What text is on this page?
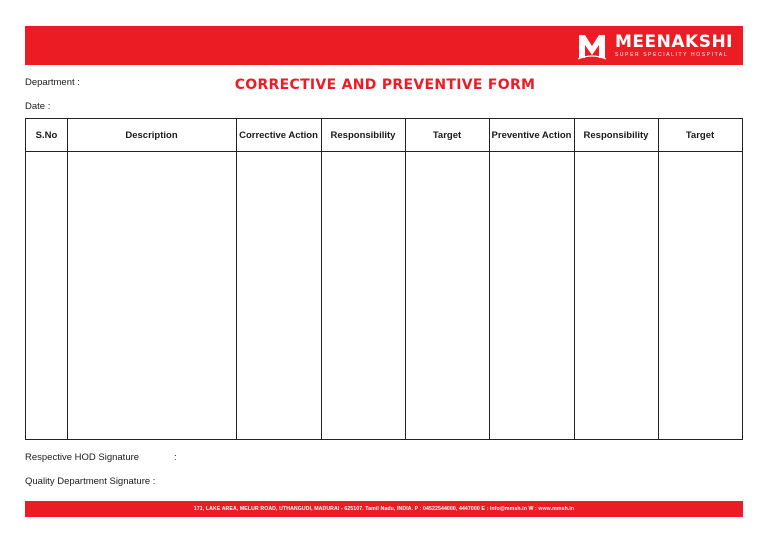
MEENAKSHI
SUPER SPECIALITY HOSPITAL
Department :	CORRECTIVE AND PREVENTIVE FORM
Date :
S.No	Description	Corrective Action	Responsibility	Target	Preventive Action	Responsibility	Target
Respective HOD Signature	:
Quality Department Signature :
171, LAKE AREA, MELUR ROAD, UTHANGUDI, MADURAI - 625107. Tamil Nadu, INDIA. P : 04522544000, 4447000 E : info@mmsh.in W : www.mmsh.in
